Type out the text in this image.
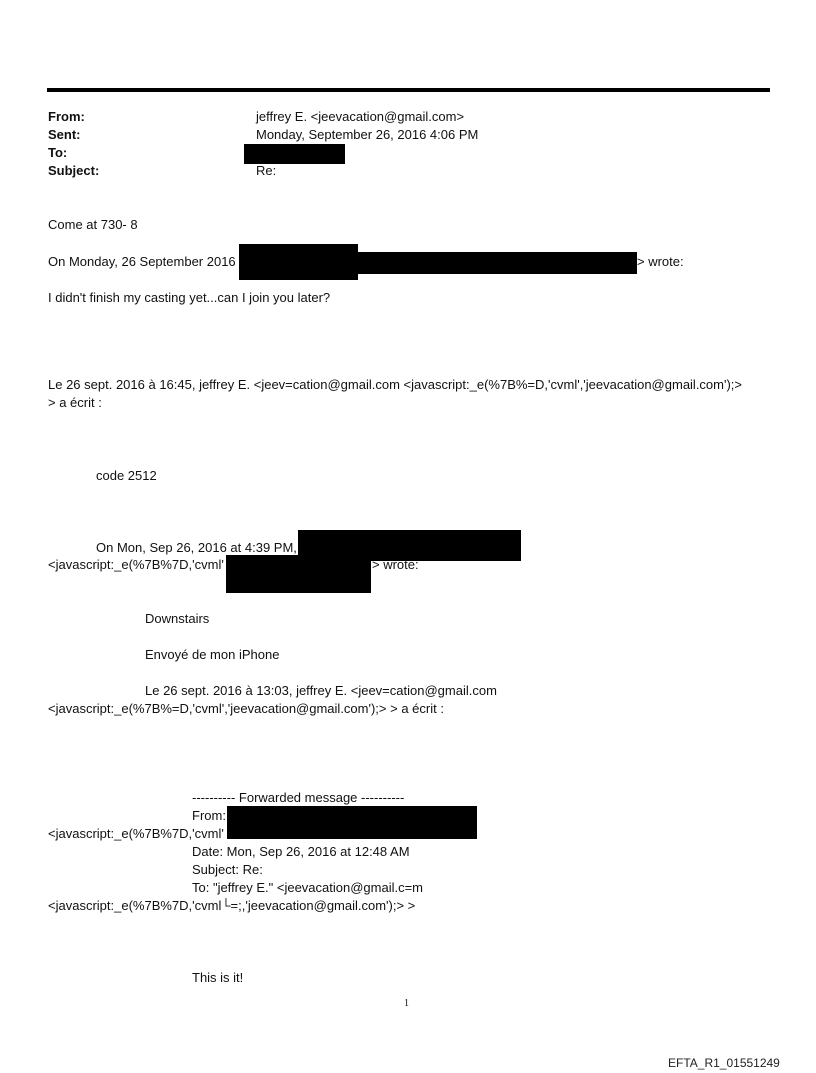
From:	jeffrey E. <jeevacation@gmail.com>
Sent:	Monday, September 26, 2016 4:06 PM
To:
Subject:	Re:
Come at 730- 8
On Monday, 26 September 2016	> wrote:
I didn't finish my casting yet...can I join you later?
Le 26 sept. 2016 à 16:45, jeffrey E. <jeev=cation@gmail.com <javascript:_e(%7B%=D,'cvml','jeevacation@gmail.com');>
> a écrit :
code 2512
On Mon, Sep 26, 2016 at 4:39 PM,
<javascript:_e(%7B%7D,'cvml'	> wrote:
Downstairs
Envoyé de mon iPhone
Le 26 sept. 2016 à 13:03, jeffrey E. <jeev=cation@gmail.com
<javascript:_e(%7B%=D,'cvml','jeevacation@gmail.com');> > a écrit :
---------- Forwarded message ----------
From:
<javascript:_e(%7B%7D,'cvml'
Date: Mon, Sep 26, 2016 at 12:48 AM
Subject: Re:
To: "jeffrey E." <jeevacation@gmail.c=m
<javascript:_e(%7B%7D,'cvml└=;,'jeevacation@gmail.com');> >
This is it!
1
EFTA_R1_01551249
